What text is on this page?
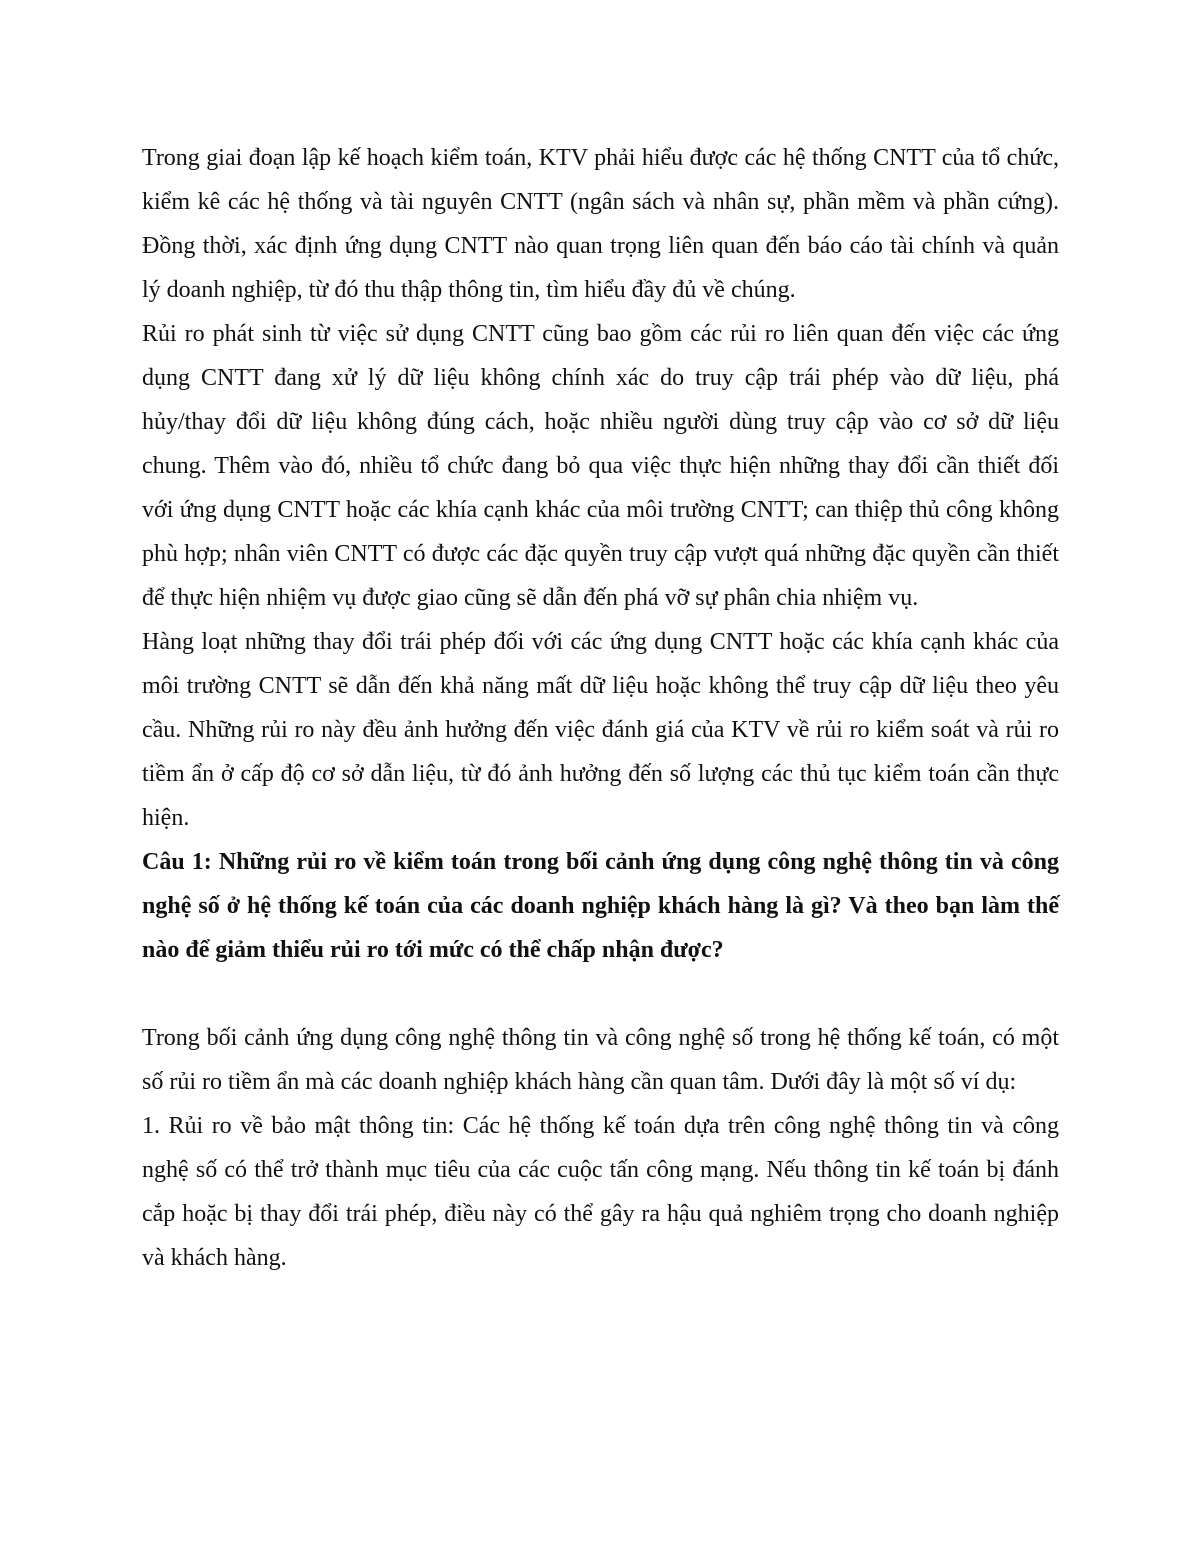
Trong giai đoạn lập kế hoạch kiểm toán, KTV phải hiểu được các hệ thống CNTT của tổ chức, kiểm kê các hệ thống và tài nguyên CNTT (ngân sách và nhân sự, phần mềm và phần cứng). Đồng thời, xác định ứng dụng CNTT nào quan trọng liên quan đến báo cáo tài chính và quản lý doanh nghiệp, từ đó thu thập thông tin, tìm hiểu đầy đủ về chúng.

Rủi ro phát sinh từ việc sử dụng CNTT cũng bao gồm các rủi ro liên quan đến việc các ứng dụng CNTT đang xử lý dữ liệu không chính xác do truy cập trái phép vào dữ liệu, phá hủy/thay đổi dữ liệu không đúng cách, hoặc nhiều người dùng truy cập vào cơ sở dữ liệu chung. Thêm vào đó, nhiều tổ chức đang bỏ qua việc thực hiện những thay đổi cần thiết đối với ứng dụng CNTT hoặc các khía cạnh khác của môi trường CNTT; can thiệp thủ công không phù hợp; nhân viên CNTT có được các đặc quyền truy cập vượt quá những đặc quyền cần thiết để thực hiện nhiệm vụ được giao cũng sẽ dẫn đến phá vỡ sự phân chia nhiệm vụ.

Hàng loạt những thay đổi trái phép đối với các ứng dụng CNTT hoặc các khía cạnh khác của môi trường CNTT sẽ dẫn đến khả năng mất dữ liệu hoặc không thể truy cập dữ liệu theo yêu cầu. Những rủi ro này đều ảnh hưởng đến việc đánh giá của KTV về rủi ro kiểm soát và rủi ro tiềm ẩn ở cấp độ cơ sở dẫn liệu, từ đó ảnh hưởng đến số lượng các thủ tục kiểm toán cần thực hiện.

Câu 1: Những rủi ro về kiểm toán trong bối cảnh ứng dụng công nghệ thông tin và công nghệ số ở hệ thống kế toán của các doanh nghiệp khách hàng là gì? Và theo bạn làm thế nào để giảm thiểu rủi ro tới mức có thể chấp nhận được?

Trong bối cảnh ứng dụng công nghệ thông tin và công nghệ số trong hệ thống kế toán, có một số rủi ro tiềm ẩn mà các doanh nghiệp khách hàng cần quan tâm. Dưới đây là một số ví dụ:

1. Rủi ro về bảo mật thông tin: Các hệ thống kế toán dựa trên công nghệ thông tin và công nghệ số có thể trở thành mục tiêu của các cuộc tấn công mạng. Nếu thông tin kế toán bị đánh cắp hoặc bị thay đổi trái phép, điều này có thể gây ra hậu quả nghiêm trọng cho doanh nghiệp và khách hàng.
